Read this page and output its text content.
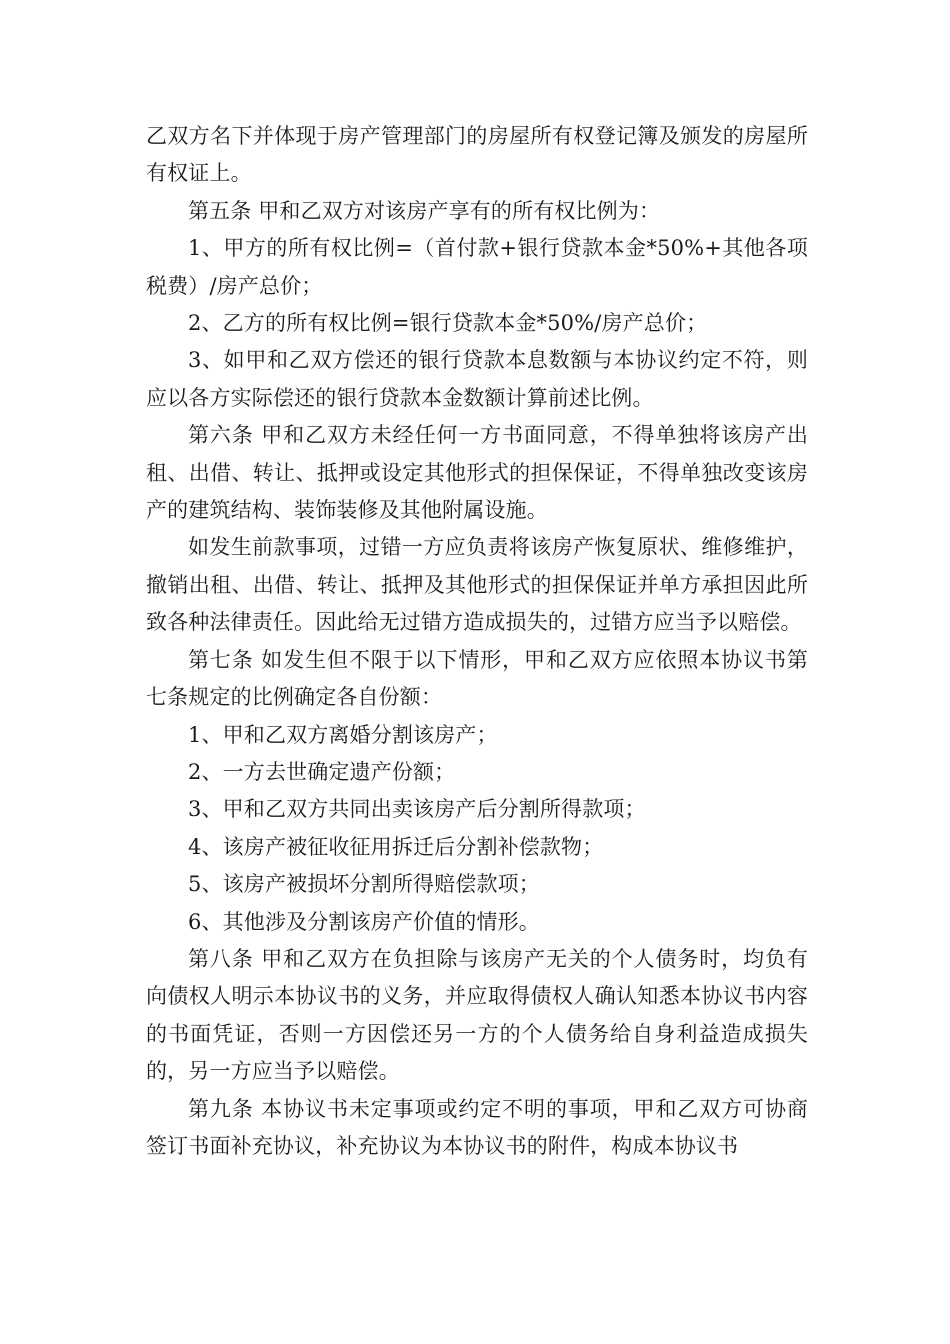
乙双方名下并体现于房产管理部门的房屋所有权登记簿及颁发的房屋所有权证上。

第五条 甲和乙双方对该房产享有的所有权比例为：

1、甲方的所有权比例=（首付款+银行贷款本金*50%+其他各项税费）/房产总价；

2、乙方的所有权比例=银行贷款本金*50%/房产总价；

3、如甲和乙双方偿还的银行贷款本息数额与本协议约定不符，则应以各方实际偿还的银行贷款本金数额计算前述比例。

第六条 甲和乙双方未经任何一方书面同意，不得单独将该房产出租、出借、转让、抵押或设定其他形式的担保保证，不得单独改变该房产的建筑结构、装饰装修及其他附属设施。

如发生前款事项，过错一方应负责将该房产恢复原状、维修维护，撤销出租、出借、转让、抵押及其他形式的担保保证并单方承担因此所致各种法律责任。因此给无过错方造成损失的，过错方应当予以赔偿。

第七条 如发生但不限于以下情形，甲和乙双方应依照本协议书第七条规定的比例确定各自份额：

1、甲和乙双方离婚分割该房产；

2、一方去世确定遗产份额；

3、甲和乙双方共同出卖该房产后分割所得款项；

4、该房产被征收征用拆迁后分割补偿款物；

5、该房产被损坏分割所得赔偿款项；

6、其他涉及分割该房产价值的情形。

第八条 甲和乙双方在负担除与该房产无关的个人债务时，均负有向债权人明示本协议书的义务，并应取得债权人确认知悉本协议书内容的书面凭证，否则一方因偿还另一方的个人债务给自身利益造成损失的，另一方应当予以赔偿。

第九条 本协议书未定事项或约定不明的事项，甲和乙双方可协商签订书面补充协议，补充协议为本协议书的附件，构成本协议书
